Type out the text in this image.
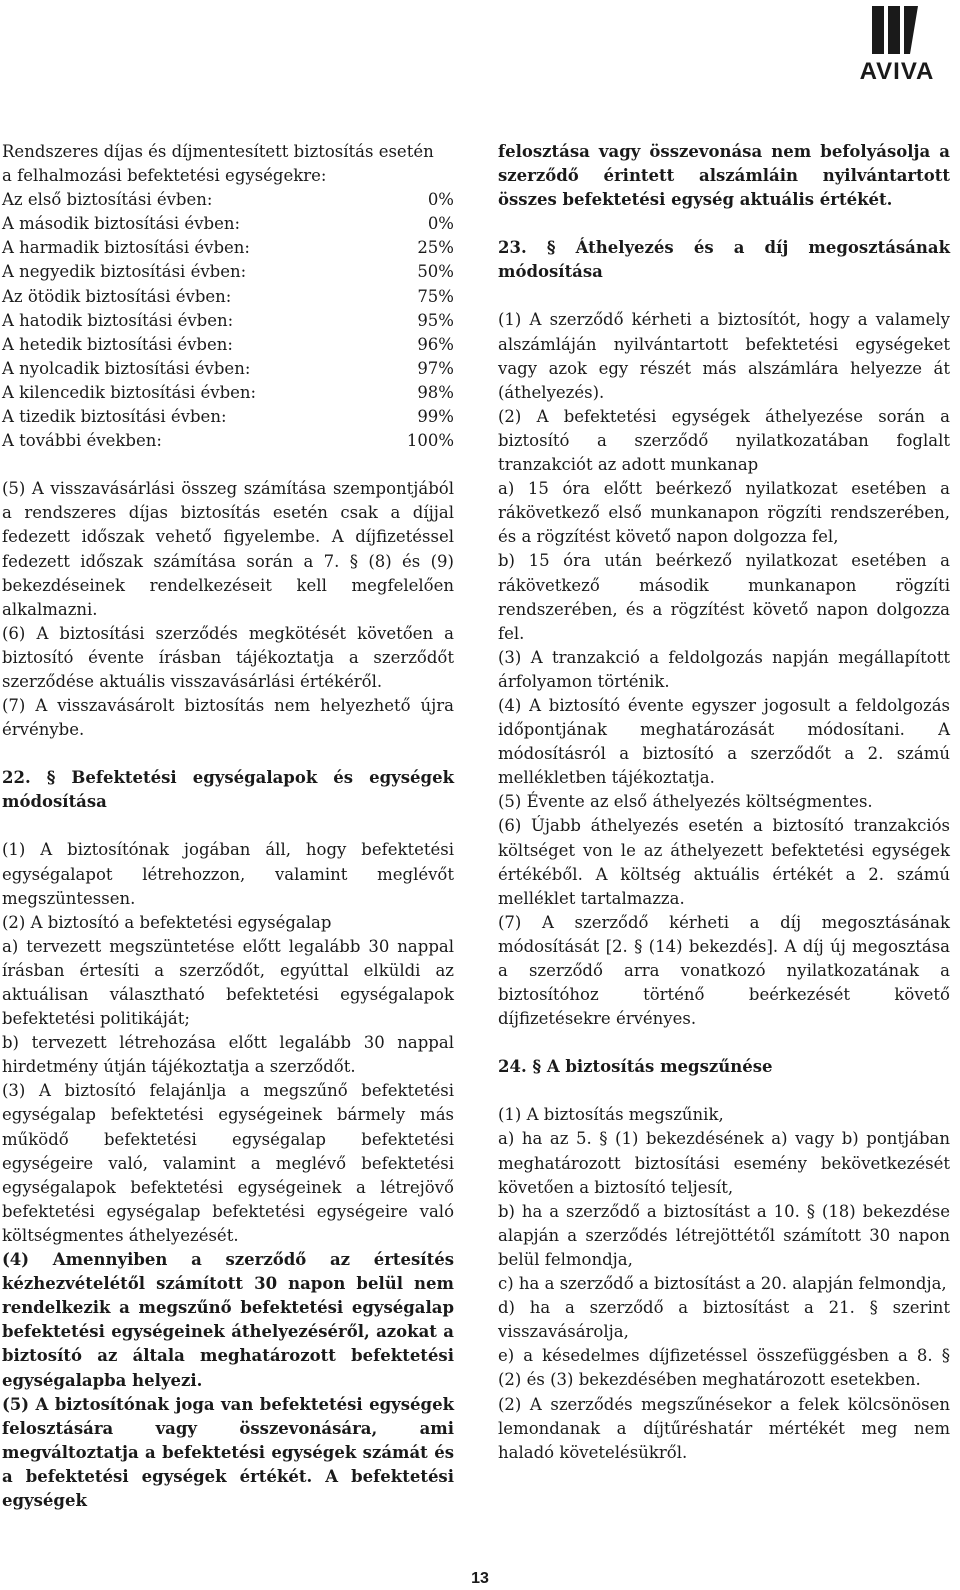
AVIVA

Rendszeres díjas és díjmentesített biztosítás esetén

a felhalmozási befektetési egységekre:

Az első biztosítási évben:	0%
A második biztosítási évben:	0%
A harmadik biztosítási évben:	25%
A negyedik biztosítási évben:	50%
Az ötödik biztosítási évben:	75%
A hatodik biztosítási évben:	95%
A hetedik biztosítási évben:	96%
A nyolcadik biztosítási évben:	97%
A kilencedik biztosítási évben:	98%
A tizedik biztosítási évben:	99%
A további években:	100%

(5) A visszavásárlási összeg számítása szempontjából a rendszeres díjas biztosítás esetén csak a díjjal fedezett időszak vehető figyelembe. A díjfizetéssel fedezett időszak számítása során a 7. § (8) és (9) bekezdéseinek rendelkezéseit kell megfelelően alkalmazni.

(6) A biztosítási szerződés megkötését követően a biztosító évente írásban tájékoztatja a szerződőt szerződése aktuális visszavásárlási értékéről.

(7) A visszavásárolt biztosítás nem helyezhető újra érvénybe.

22. § Befektetési egységalapok és egységek módosítása

(1) A biztosítónak jogában áll, hogy befektetési egységalapot létrehozzon, valamint meglévőt megszüntessen.

(2) A biztosító a befektetési egységalap

a) tervezett megszüntetése előtt legalább 30 nappal írásban értesíti a szerződőt, egyúttal elküldi az aktuálisan választható befektetési egységalapok befektetési politikáját;

b) tervezett létrehozása előtt legalább 30 nappal hirdetmény útján tájékoztatja a szerződőt.

(3) A biztosító felajánlja a megszűnő befektetési egységalap befektetési egységeinek bármely más működő befektetési egységalap befektetési egységeire való, valamint a meglévő befektetési egységalapok befektetési egységeinek a létrejövő befektetési egységalap befektetési egységeire való költségmentes áthelyezését.

(4) Amennyiben a szerződő az értesítés kézhezvételétől számított 30 napon belül nem rendelkezik a megszűnő befektetési egységalap befektetési egységeinek áthelyezéséről, azokat a biztosító az általa meghatározott befektetési egységalapba helyezi.

(5) A biztosítónak joga van befektetési egységek felosztására vagy összevonására, ami megváltoztatja a befektetési egységek számát és a befektetési egységek értékét. A befektetési egységek

felosztása vagy összevonása nem befolyásolja a szerződő érintett alszámláin nyilvántartott összes befektetési egység aktuális értékét.

23. § Áthelyezés és a díj megosztásának módosítása

(1) A szerződő kérheti a biztosítót, hogy a valamely alszámláján nyilvántartott befektetési egységeket vagy azok egy részét más alszámlára helyezze át (áthelyezés).

(2) A befektetési egységek áthelyezése során a biztosító a szerződő nyilatkozatában foglalt tranzakciót az adott munkanap

a) 15 óra előtt beérkező nyilatkozat esetében a rákövetkező első munkanapon rögzíti rendszerében, és a rögzítést követő napon dolgozza fel,

b) 15 óra után beérkező nyilatkozat esetében a rákövetkező második munkanapon rögzíti rendszerében, és a rögzítést követő napon dolgozza fel.

(3) A tranzakció a feldolgozás napján megállapított árfolyamon történik.

(4) A biztosító évente egyszer jogosult a feldolgozás időpontjának meghatározását módosítani. A módosításról a biztosító a szerződőt a 2. számú mellékletben tájékoztatja.

(5) Évente az első áthelyezés költségmentes.

(6) Újabb áthelyezés esetén a biztosító tranzakciós költséget von le az áthelyezett befektetési egységek értékéből. A költség aktuális értékét a 2. számú melléklet tartalmazza.

(7) A szerződő kérheti a díj megosztásának módosítását [2. § (14) bekezdés]. A díj új megosztása a szerződő arra vonatkozó nyilatkozatának a biztosítóhoz történő beérkezését követő díjfizetésekre érvényes.

24. § A biztosítás megszűnése

(1) A biztosítás megszűnik,

a) ha az 5. § (1) bekezdésének a) vagy b) pontjában meghatározott biztosítási esemény bekövetkezését követően a biztosító teljesít,

b) ha a szerződő a biztosítást a 10. § (18) bekezdése alapján a szerződés létrejöttétől számított 30 napon belül felmondja,

c) ha a szerződő a biztosítást a 20. alapján felmondja,

d) ha a szerződő a biztosítást a 21. § szerint visszavásárolja,

e) a késedelmes díjfizetéssel összefüggésben a 8. § (2) és (3) bekezdésében meghatározott esetekben.

(2) A szerződés megszűnésekor a felek kölcsönösen lemondanak a díjtűréshatár mértékét meg nem haladó követelésükről.

13
